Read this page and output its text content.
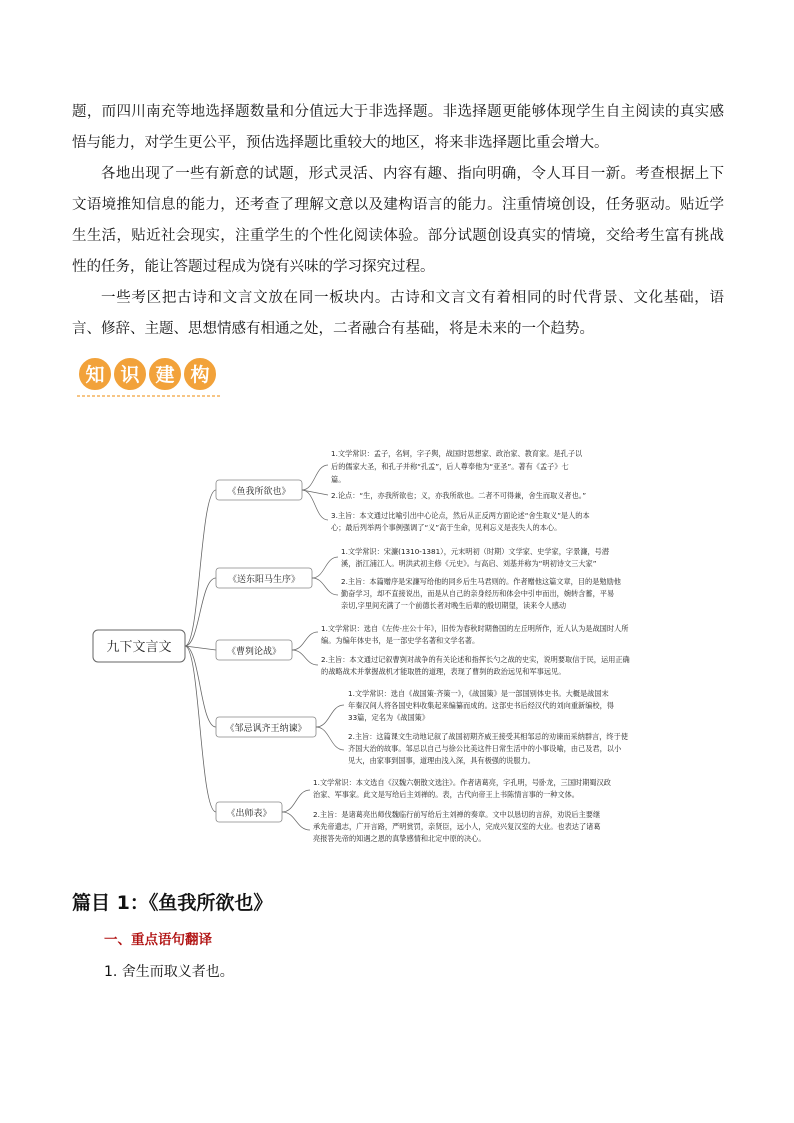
题，而四川南充等地选择题数量和分值远大于非选择题。非选择题更能够体现学生自主阅读的真实感悟与能力，对学生更公平，预估选择题比重较大的地区，将来非选择题比重会增大。
各地出现了一些有新意的试题，形式灵活、内容有趣、指向明确，令人耳目一新。考查根据上下文语境推知信息的能力，还考查了理解文意以及建构语言的能力。注重情境创设，任务驱动。贴近学生生活，贴近社会现实，注重学生的个性化阅读体验。部分试题创设真实的情境，交给考生富有挑战性的任务，能让答题过程成为饶有兴味的学习探究过程。
一些考区把古诗和文言文放在同一板块内。古诗和文言文有着相同的时代背景、文化基础，语言、修辞、主题、思想情感有相通之处，二者融合有基础，将是未来的一个趋势。
知 识 建 构
九下文言文
《鱼我所欲也》
1.文学常识：孟子，名轲，字子舆，战国时思想家、政治家、教育家。是孔子以
后的儒家大圣，和孔子并称“孔孟”，后人尊奉他为“亚圣”。著有《孟子》七
篇。
2.论点：“生，亦我所欲也；义，亦我所欲也。二者不可得兼，舍生而取义者也。”
3.主旨：本文通过比喻引出中心论点，然后从正反两方面论述“舍生取义”是人的本
心；最后列举两个事例强调了“义”高于生命，见利忘义是丧失人的本心。
《送东阳马生序》
1.文学常识：宋濂(1310-1381），元末明初（时期）文学家、史学家，字景濂，号潜
溪，浙江浦江人。明洪武初主修《元史》。与高启、刘基并称为“明初诗文三大家”
2.主旨：本篇赠序是宋濂写给他的同乡后生马君则的。作者赠他这篇文章，目的是勉励他
勤奋学习，却不直接说出，而是从自己的亲身经历和体会中引申而出，婉转含蓄，平易
亲切,字里间充满了一个前德长者对晚生后辈的殷切期望，读来令人感动
《曹刿论战》
1.文学常识：选自《左传·庄公十年》，旧传为春秋时期鲁国的左丘明所作，近人认为是战国时人所
编。为编年体史书，是一部史学名著和文学名著。
2.主旨：本文通过记叙曹刿对战争的有关论述和指挥长勺之战的史实，说明要取信于民，运用正确
的战略战术并掌握战机才能取胜的道理，表现了曹刿的政治远见和军事远见。
《邹忌讽齐王纳谏》
1.文学常识：选自《战国策·齐策一》，《战国策》是一部国别体史书。大概是战国末
年秦汉间人将各国史料收集起来编纂而成的。这部史书后经汉代的刘向重新编校，得
33篇，定名为《战国策》
2.主旨：这篇课文生动地记叙了战国初期齐威王接受其相邹忌的劝谏而采纳群言，终于使
齐国大治的故事。邹忌以自己与徐公比美这件日常生活中的小事设喻，由己及君，以小
见大，由家事到国事，道理由浅入深，具有极强的说服力。
《出师表》
1.文学常识：本文选自《汉魏六朝散文选注》。作者诸葛亮，字孔明，号卧龙，三国时期蜀汉政
治家、军事家。此文是写给后主刘禅的。表，古代向帝王上书陈情言事的一种文体。
2.主旨：是诸葛亮出师伐魏临行前写给后主刘禅的奏章。文中以恳切的言辞，劝说后主要继
承先帝遗志，广开言路，严明赏罚，亲贤臣，远小人，完成兴复汉室的大业。也表达了诸葛
亮报答先帝的知遇之恩的真挚感情和北定中原的决心。
篇目 1：《鱼我所欲也》
一、重点语句翻译
1. 舍生而取义者也。
